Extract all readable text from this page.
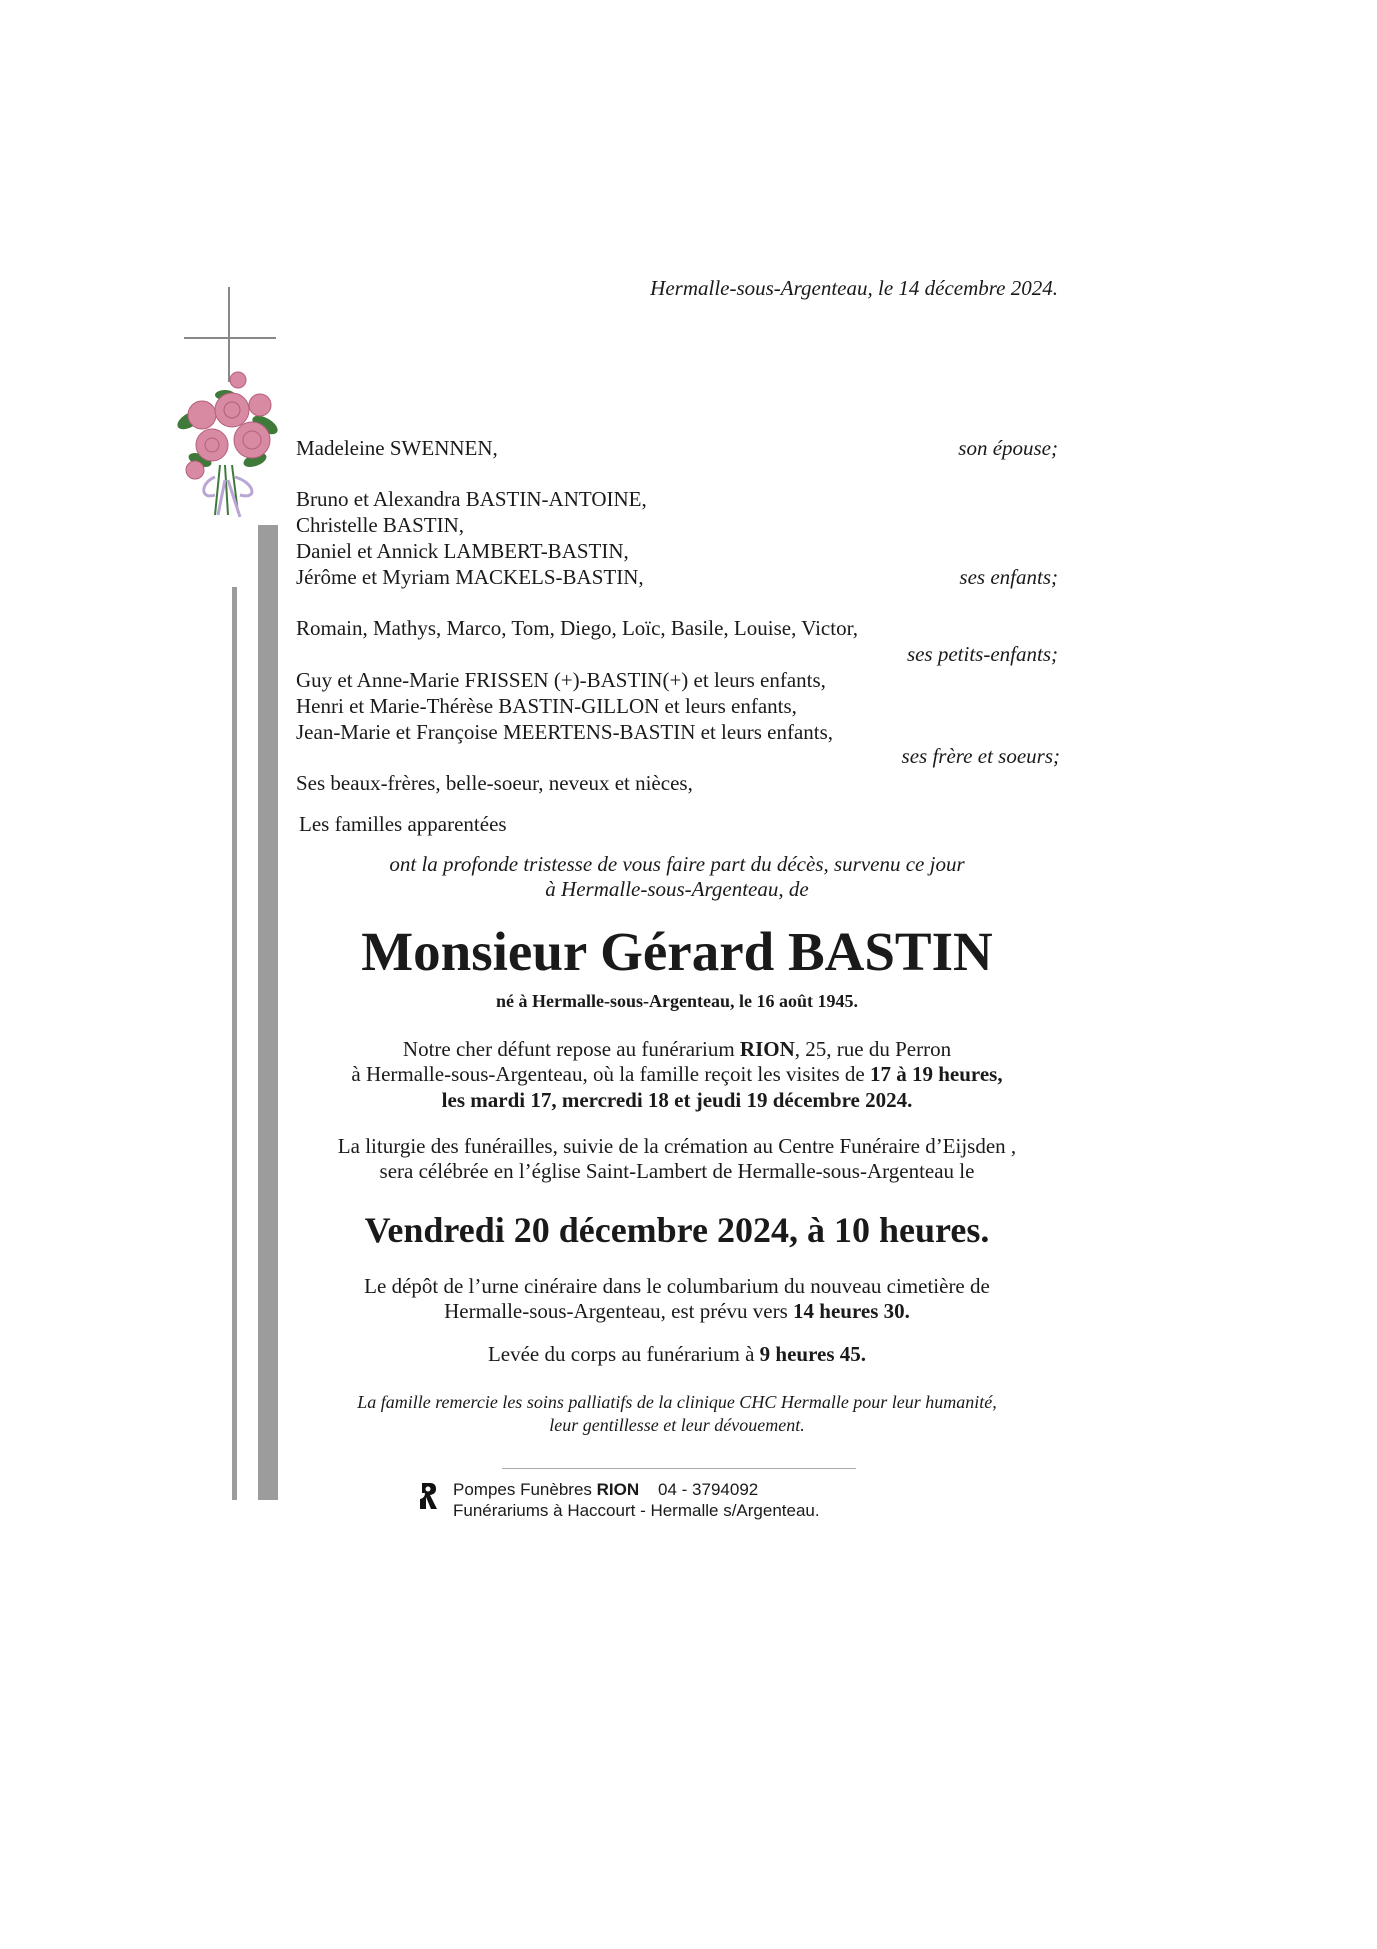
Hermalle-sous-Argenteau, le 14 décembre 2024.
Madeleine SWENNEN,	son épouse;
Bruno et Alexandra BASTIN-ANTOINE,
Christelle BASTIN,
Daniel et Annick LAMBERT-BASTIN,
Jérôme et Myriam MACKELS-BASTIN,	ses enfants;
Romain, Mathys, Marco, Tom, Diego, Loïc, Basile, Louise, Victor,
ses petits-enfants;
Guy et Anne-Marie FRISSEN (+)-BASTIN(+) et leurs enfants,
Henri et Marie-Thérèse BASTIN-GILLON et leurs enfants,
Jean-Marie et Françoise MEERTENS-BASTIN et leurs enfants,
ses frère et soeurs;
Ses beaux-frères, belle-soeur, neveux et nièces,
Les familles apparentées
ont la profonde tristesse de vous faire part du décès, survenu ce jour
à Hermalle-sous-Argenteau, de
Monsieur Gérard BASTIN
né à Hermalle-sous-Argenteau, le 16 août 1945.
Notre cher défunt repose au funérarium RION, 25, rue du Perron
à Hermalle-sous-Argenteau, où la famille reçoit les visites de 17 à 19 heures,
les mardi 17, mercredi 18 et jeudi 19 décembre 2024.
La liturgie des funérailles, suivie de la crémation au Centre Funéraire d’Eijsden ,
sera célébrée en l’église Saint-Lambert de Hermalle-sous-Argenteau le
Vendredi 20 décembre 2024, à 10 heures.
Le dépôt de l’urne cinéraire dans le columbarium du nouveau cimetière de
Hermalle-sous-Argenteau, est prévu vers 14 heures 30.
Levée du corps au funérarium à 9 heures 45.
La famille remercie les soins palliatifs de la clinique CHC Hermalle pour leur humanité,
leur gentillesse et leur dévouement.
Pompes Funèbres RION    04 - 3794092
Funérariums à Haccourt - Hermalle s/Argenteau.
